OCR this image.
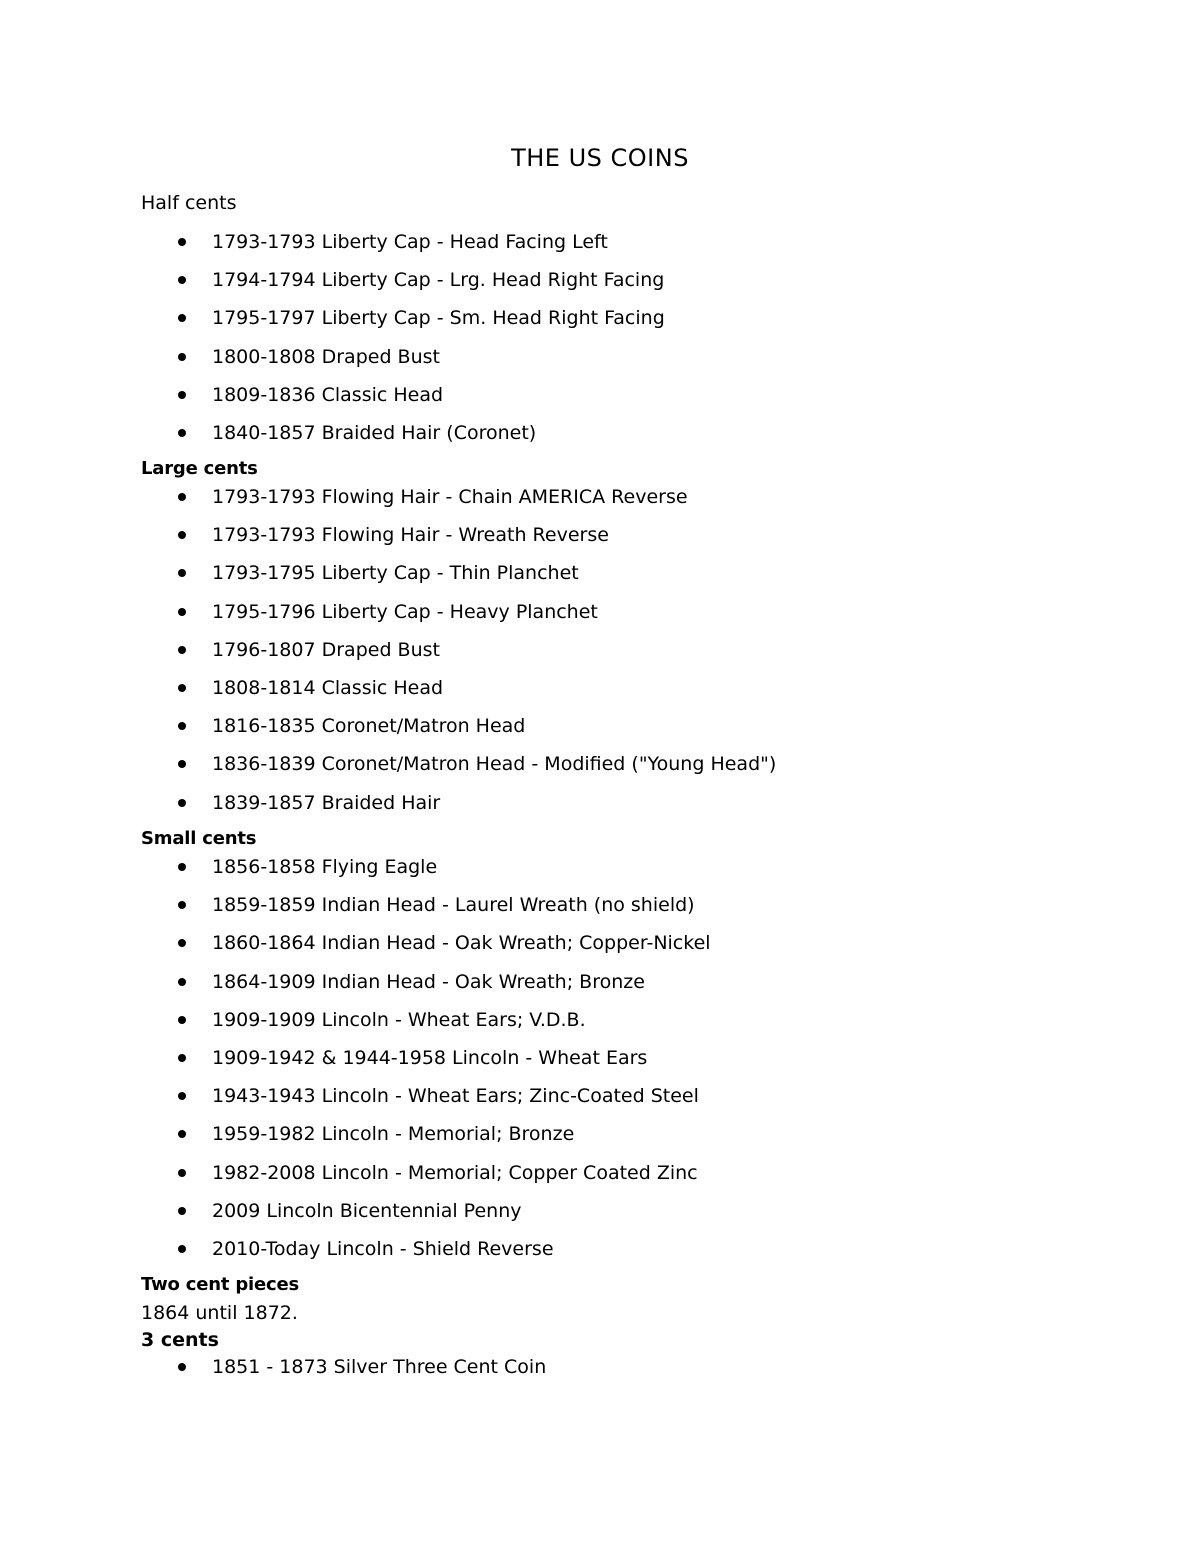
THE US COINS
Half cents
1793-1793 Liberty Cap - Head Facing Left
1794-1794 Liberty Cap - Lrg. Head Right Facing
1795-1797 Liberty Cap - Sm. Head Right Facing
1800-1808 Draped Bust
1809-1836 Classic Head
1840-1857 Braided Hair (Coronet)
Large cents
1793-1793 Flowing Hair - Chain AMERICA Reverse
1793-1793 Flowing Hair - Wreath Reverse
1793-1795 Liberty Cap - Thin Planchet
1795-1796 Liberty Cap - Heavy Planchet
1796-1807 Draped Bust
1808-1814 Classic Head
1816-1835 Coronet/Matron Head
1836-1839 Coronet/Matron Head - Modified ("Young Head")
1839-1857 Braided Hair
Small cents
1856-1858 Flying Eagle
1859-1859 Indian Head - Laurel Wreath (no shield)
1860-1864 Indian Head - Oak Wreath; Copper-Nickel
1864-1909 Indian Head - Oak Wreath; Bronze
1909-1909 Lincoln - Wheat Ears; V.D.B.
1909-1942 & 1944-1958 Lincoln - Wheat Ears
1943-1943 Lincoln - Wheat Ears; Zinc-Coated Steel
1959-1982 Lincoln - Memorial; Bronze
1982-2008 Lincoln - Memorial; Copper Coated Zinc
2009 Lincoln Bicentennial Penny
2010-Today Lincoln - Shield Reverse
Two cent pieces
1864 until 1872.
3 cents
1851 - 1873 Silver Three Cent Coin
